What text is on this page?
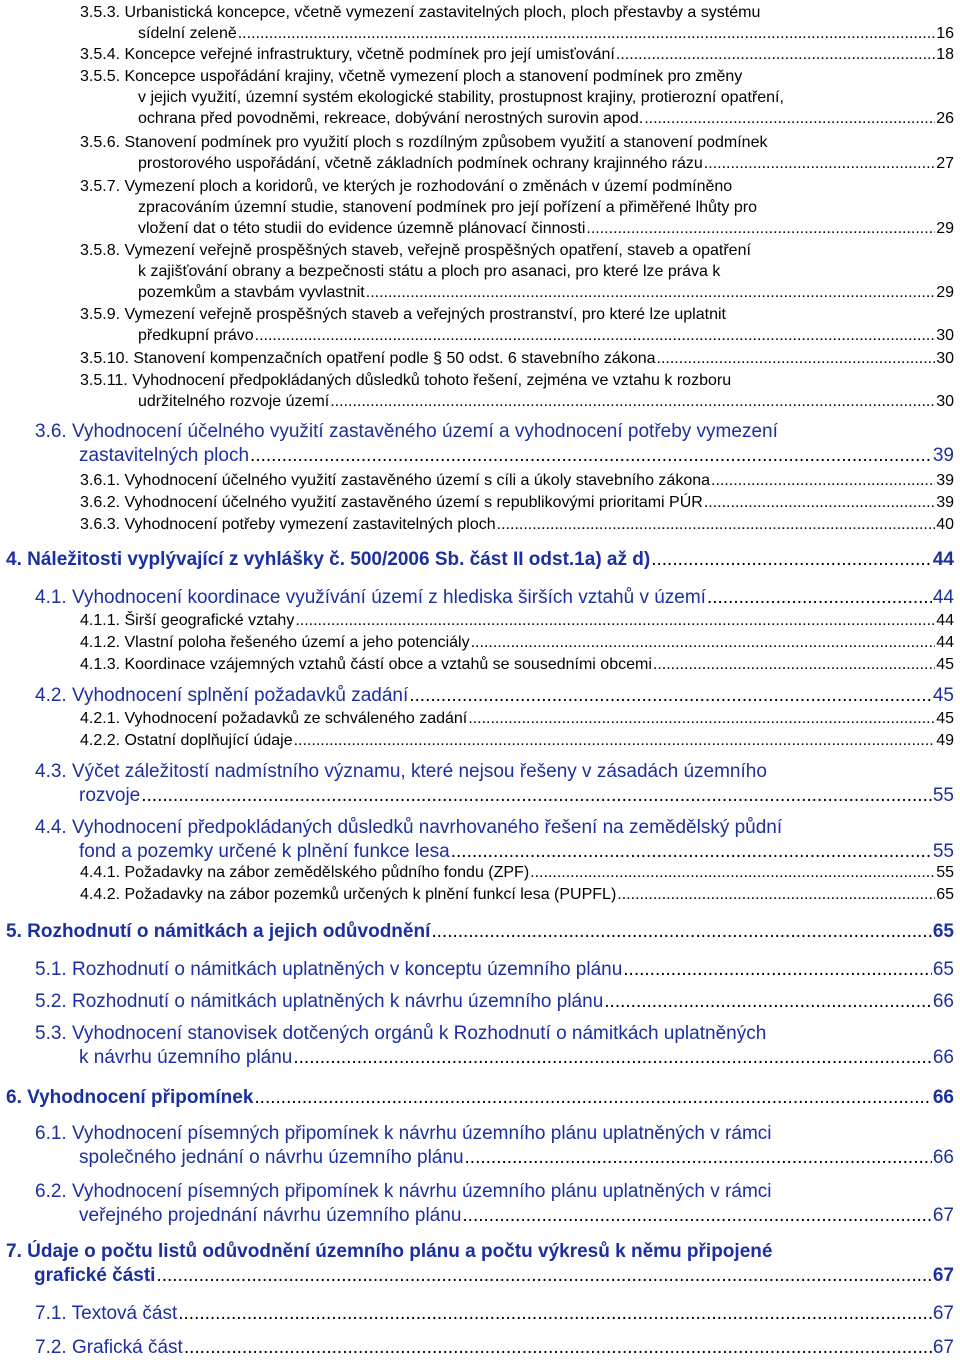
3.5.3. Urbanistická koncepce, včetně vymezení zastavitelných ploch, ploch přestavby a systému
sídelní zeleně .....	16
3.5.4. Koncepce veřejné infrastruktury, včetně podmínek pro její umisťování .....	18
3.5.5. Koncepce uspořádání krajiny, včetně vymezení ploch a stanovení podmínek pro změny
v jejich využití, územní systém ekologické stability, prostupnost krajiny, protierozní opatření,
ochrana před povodněmi, rekreace, dobývání nerostných surovin apod. .....	26
3.5.6. Stanovení podmínek pro využití ploch s rozdílným způsobem využití a stanovení podmínek
prostorového uspořádání, včetně základních podmínek ochrany krajinného rázu .....	27
3.5.7. Vymezení ploch a koridorů, ve kterých je rozhodování o změnách v území podmíněno
zpracováním územní studie, stanovení podmínek pro její pořízení a přiměřené lhůty pro
vložení dat o této studii do evidence územně plánovací činnosti .....	29
3.5.8. Vymezení veřejně prospěšných staveb, veřejně prospěšných opatření, staveb a opatření
k zajišťování obrany a bezpečnosti státu a ploch pro asanaci, pro které lze práva k
pozemkům a stavbám vyvlastnit .....	29
3.5.9. Vymezení veřejně prospěšných staveb a veřejných prostranství, pro které lze uplatnit
předkupní právo .....	30
3.5.10. Stanovení kompenzačních opatření podle § 50 odst. 6 stavebního zákona .....	30
3.5.11. Vyhodnocení předpokládaných důsledků tohoto řešení, zejména ve vztahu k rozboru
udržitelného rozvoje území .....	30
3.6. Vyhodnocení účelného využití zastavěného území a vyhodnocení potřeby vymezení
zastavitelných ploch .....	39
3.6.1. Vyhodnocení účelného využití zastavěného území s cíli a úkoly stavebního zákona .....	39
3.6.2. Vyhodnocení účelného využití zastavěného území s republikovými prioritami PÚR .....	39
3.6.3. Vyhodnocení potřeby vymezení zastavitelných ploch .....	40
4. Náležitosti vyplývající z vyhlášky č. 500/2006 Sb. část II odst.1a) až d) .....	44
4.1. Vyhodnocení koordinace využívání území z hlediska širších vztahů v území .....	44
4.1.1. Širší geografické vztahy .....	44
4.1.2. Vlastní poloha řešeného území a jeho potenciály .....	44
4.1.3. Koordinace vzájemných vztahů částí obce a vztahů se sousedními obcemi .....	45
4.2. Vyhodnocení splnění požadavků zadání .....	45
4.2.1. Vyhodnocení požadavků ze schváleného zadání .....	45
4.2.2. Ostatní doplňující údaje .....	49
4.3. Výčet záležitostí nadmístního významu, které nejsou řešeny v zásadách územního
rozvoje .....	55
4.4. Vyhodnocení předpokládaných důsledků navrhovaného řešení na zemědělský půdní
fond a pozemky určené k plnění funkce lesa .....	55
4.4.1. Požadavky na zábor zemědělského půdního fondu (ZPF) .....	55
4.4.2. Požadavky na zábor pozemků určených k plnění funkcí lesa (PUPFL) .....	65
5. Rozhodnutí o námitkách a jejich odůvodnění .....	65
5.1. Rozhodnutí o námitkách uplatněných v konceptu územního plánu .....	65
5.2. Rozhodnutí o námitkách uplatněných k návrhu územního plánu .....	66
5.3. Vyhodnocení stanovisek dotčených orgánů k Rozhodnutí o námitkách uplatněných
k návrhu územního plánu .....	66
6. Vyhodnocení připomínek .....	66
6.1. Vyhodnocení písemných připomínek k návrhu územního plánu uplatněných v rámci
společného jednání o návrhu územního plánu .....	66
6.2. Vyhodnocení písemných připomínek k návrhu územního plánu uplatněných v rámci
veřejného projednání návrhu územního plánu .....	67
7. Údaje o počtu listů odůvodnění územního plánu a počtu výkresů k němu připojené
grafické části .....	67
7.1. Textová část .....	67
7.2. Grafická část .....	67
